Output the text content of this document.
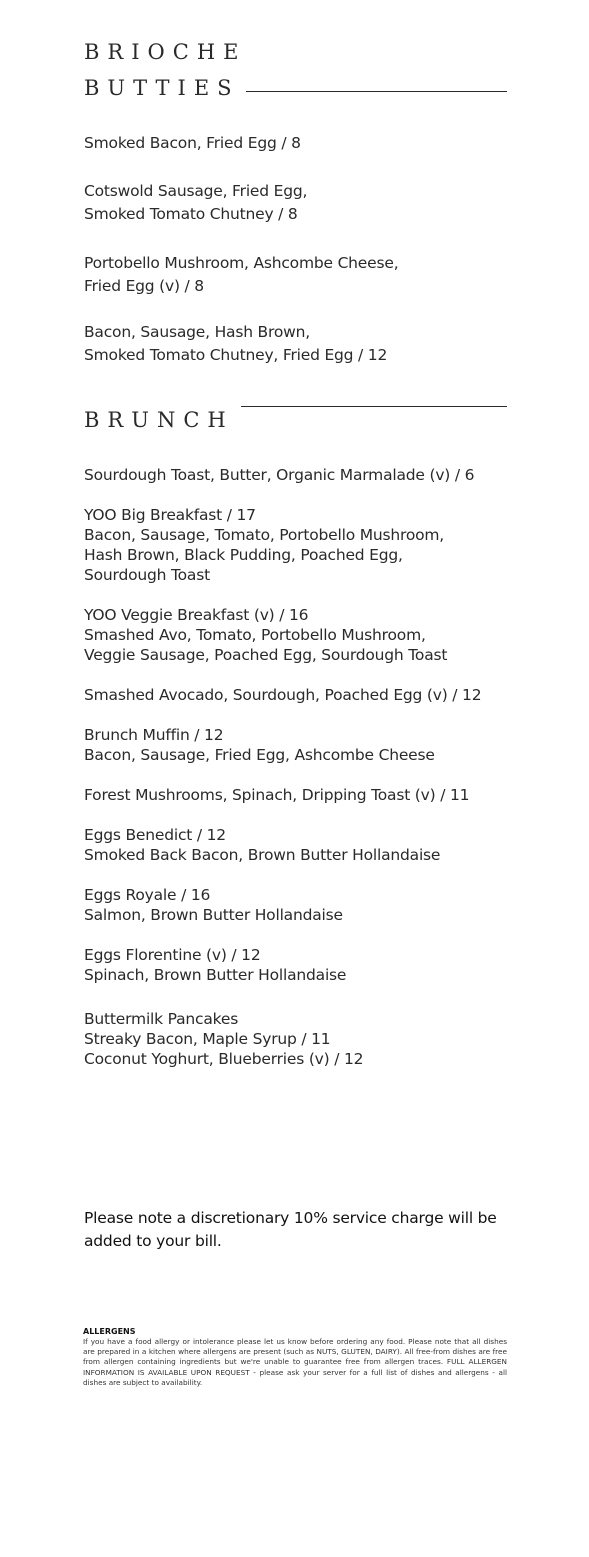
BRIOCHE
BUTTIES
Smoked Bacon, Fried Egg / 8
Cotswold Sausage, Fried Egg,
Smoked Tomato Chutney / 8
Portobello Mushroom, Ashcombe Cheese,
Fried Egg (v) / 8
Bacon, Sausage, Hash Brown,
Smoked Tomato Chutney, Fried Egg / 12
BRUNCH
Sourdough Toast, Butter, Organic Marmalade (v) / 6
YOO Big Breakfast / 17
Bacon, Sausage, Tomato, Portobello Mushroom,
Hash Brown, Black Pudding, Poached Egg,
Sourdough Toast
YOO Veggie Breakfast (v) / 16
Smashed Avo, Tomato, Portobello Mushroom,
Veggie Sausage, Poached Egg, Sourdough Toast
Smashed Avocado, Sourdough, Poached Egg (v) / 12
Brunch Muffin / 12
Bacon, Sausage, Fried Egg, Ashcombe Cheese
Forest Mushrooms, Spinach, Dripping Toast (v) / 11
Eggs Benedict / 12
Smoked Back Bacon, Brown Butter Hollandaise
Eggs Royale / 16
Salmon, Brown Butter Hollandaise
Eggs Florentine (v) / 12
Spinach, Brown Butter Hollandaise
Buttermilk Pancakes
Streaky Bacon, Maple Syrup / 11
Coconut Yoghurt, Blueberries (v) / 12
Please note a discretionary 10% service charge will be added to your bill.
ALLERGENS
If you have a food allergy or intolerance please let us know before ordering any food. Please note that all dishes are prepared in a kitchen where allergens are present (such as NUTS, GLUTEN, DAIRY). All free-from dishes are free from allergen containing ingredients but we're unable to guarantee free from allergen traces. FULL ALLERGEN INFORMATION IS AVAILABLE UPON REQUEST - please ask your server for a full list of dishes and allergens - all dishes are subject to availability.
